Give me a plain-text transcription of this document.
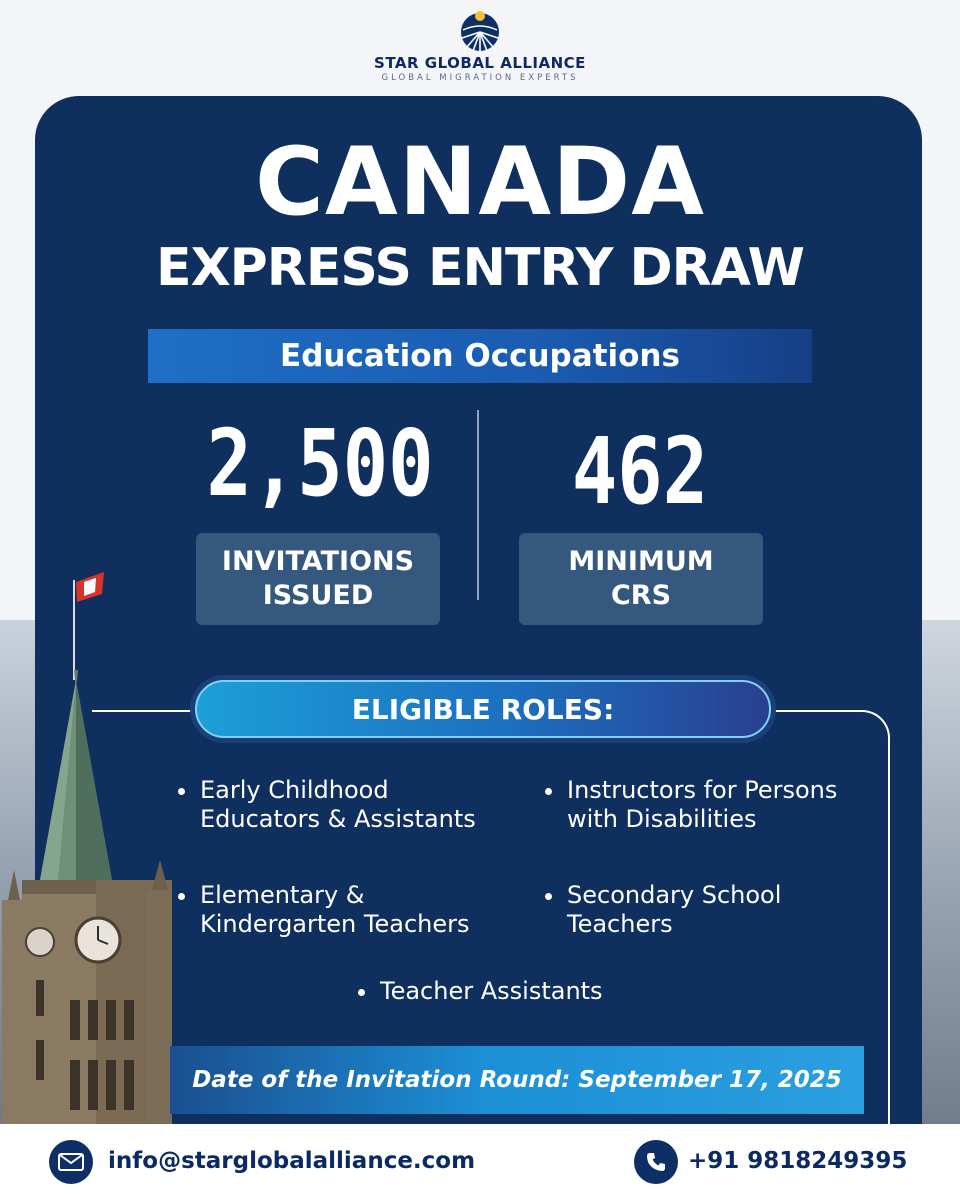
STAR GLOBAL ALLIANCE
GLOBAL MIGRATION EXPERTS
CANADA
EXPRESS ENTRY DRAW
Education Occupations
2,500	462
INVITATIONS
ISSUED
MINIMUM
CRS
ELIGIBLE ROLES:
Early Childhood
Educators & Assistants
Instructors for Persons
with Disabilities
Elementary &
Kindergarten Teachers
Secondary School
Teachers
Teacher Assistants
Date of the Invitation Round: September 17, 2025
info@starglobalalliance.com	+91 9818249395
